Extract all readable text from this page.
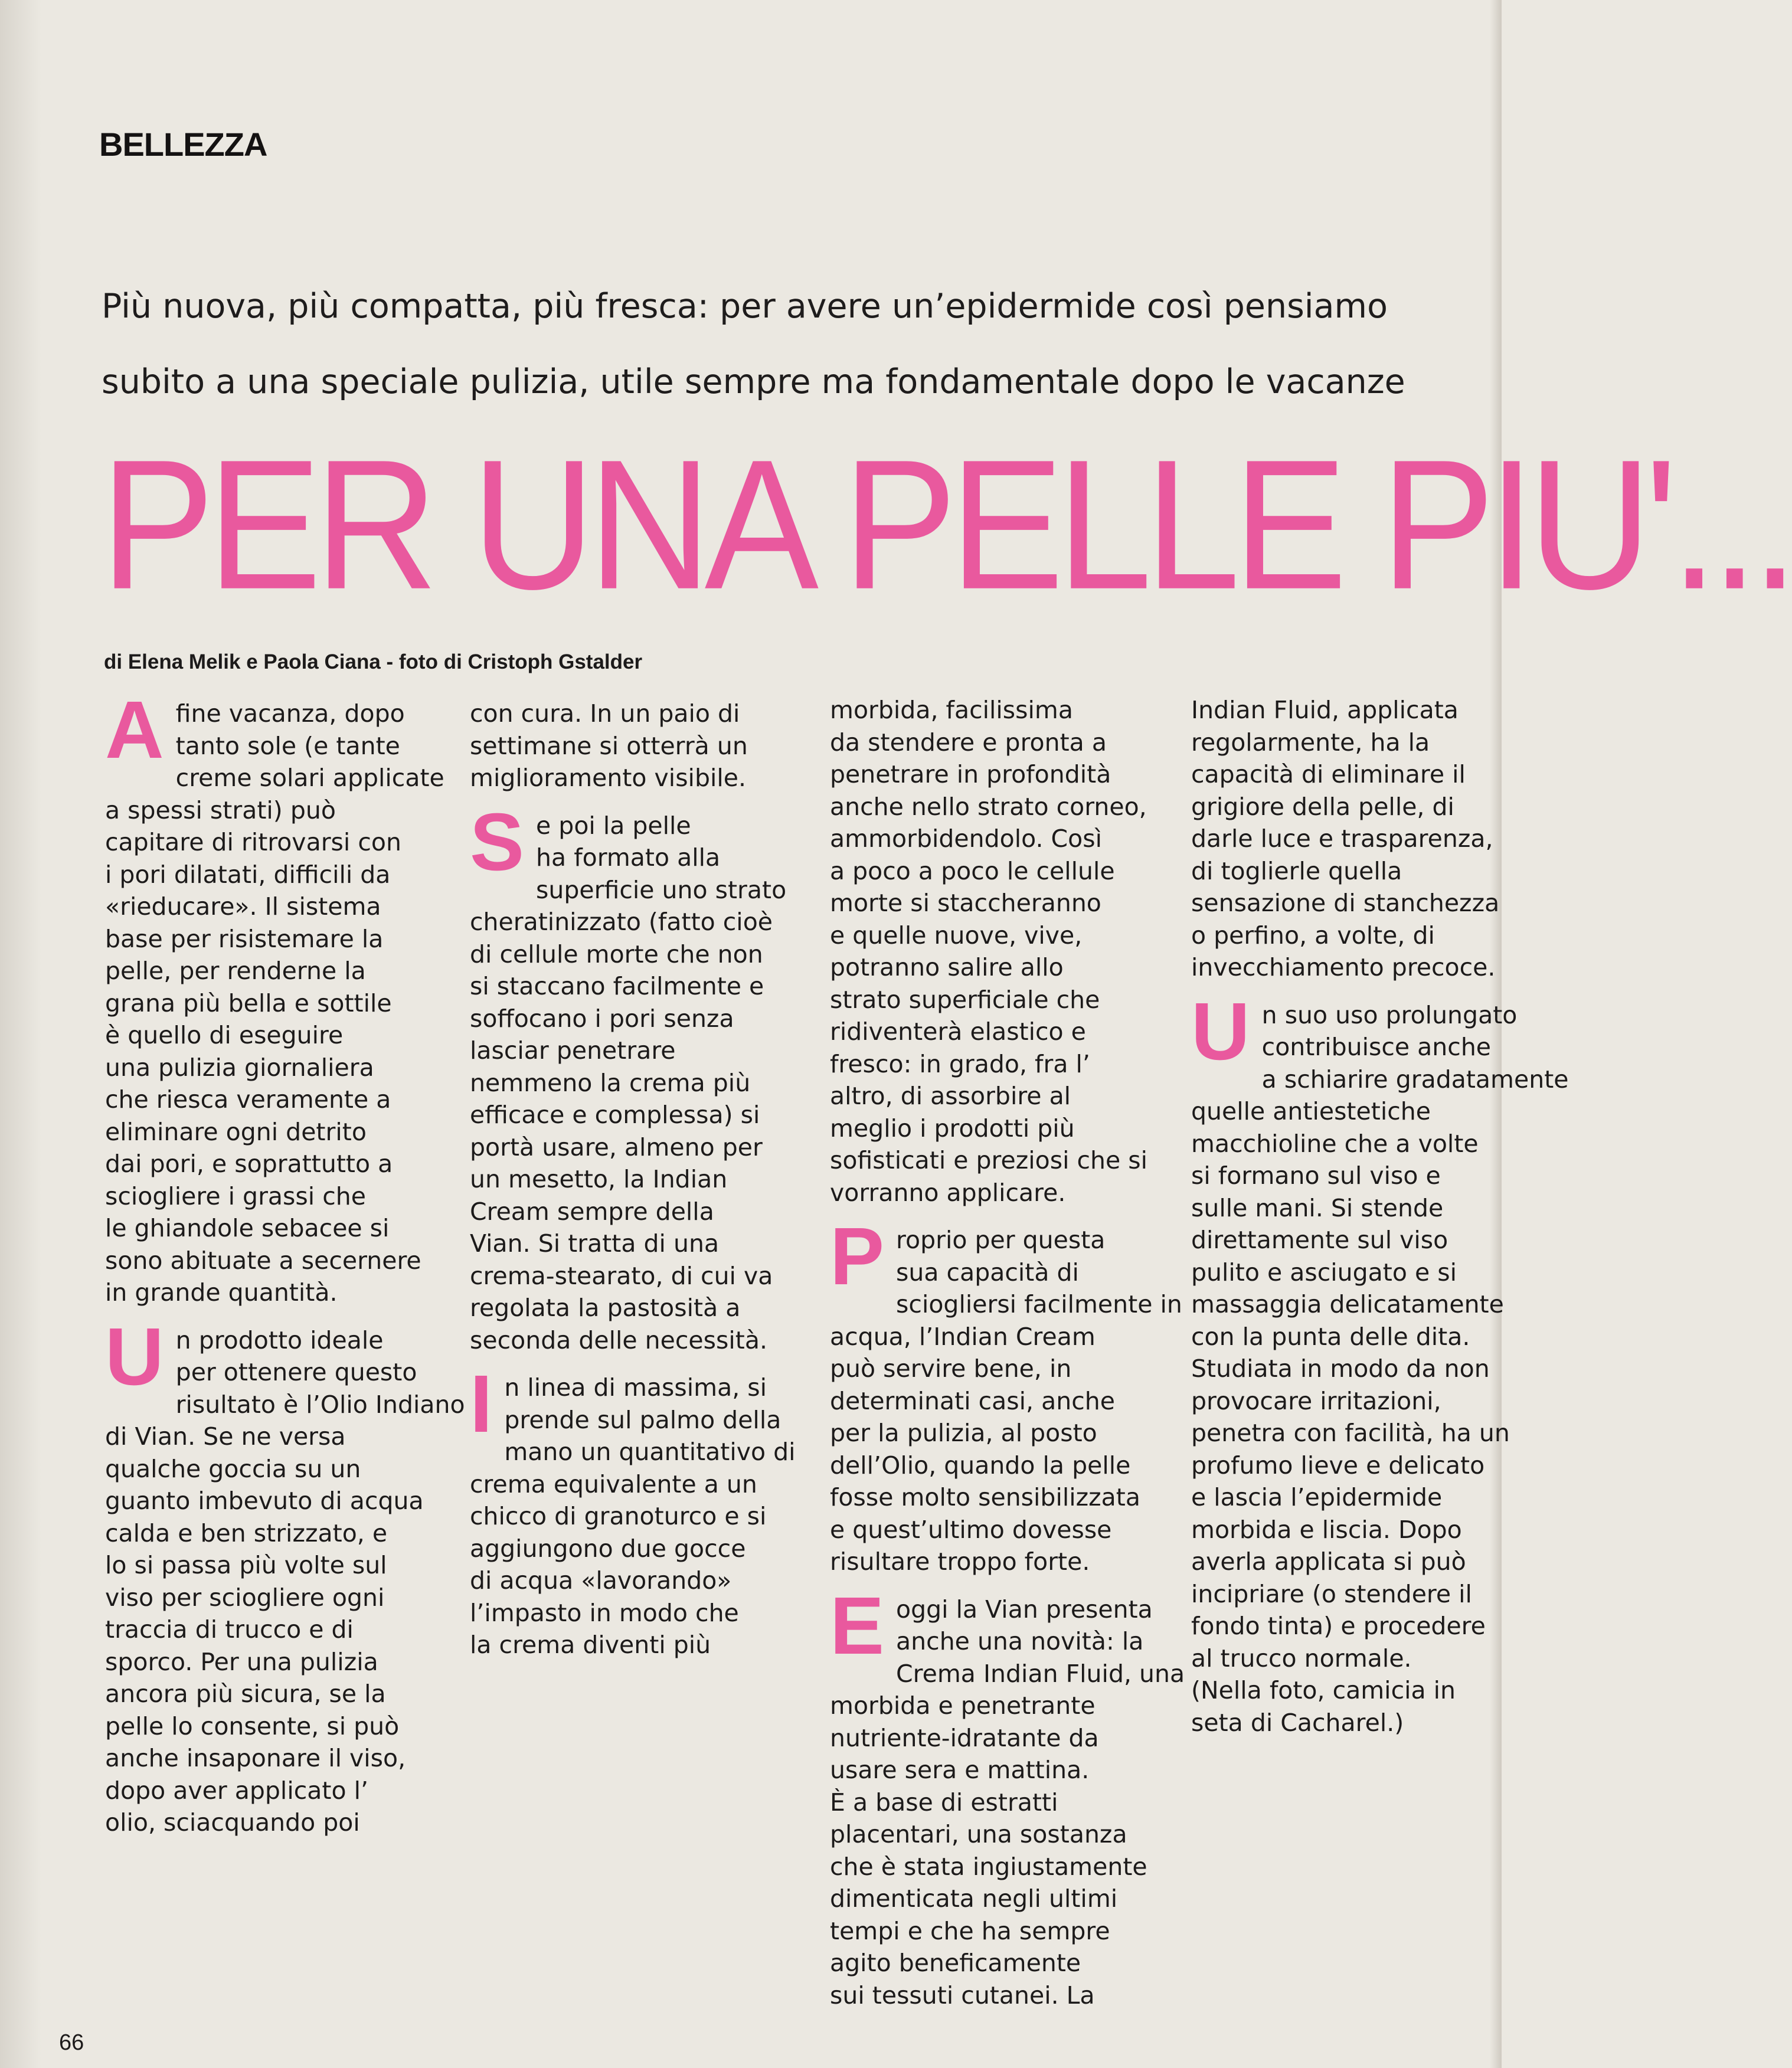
BELLEZZA
Più nuova, più compatta, più fresca: per avere un’epidermide così pensiamo
subito a una speciale pulizia, utile sempre ma fondamentale dopo le vacanze
PER UNA PELLE PIU'...
di Elena Melik e Paola Ciana - foto di Cristoph Gstalder
A fine vacanza, dopo
tanto sole (e tante
creme solari applicate
a spessi strati) può
capitare di ritrovarsi con
i pori dilatati, difficili da
«rieducare». Il sistema
base per risistemare la
pelle, per renderne la
grana più bella e sottile
è quello di eseguire
una pulizia giornaliera
che riesca veramente a
eliminare ogni detrito
dai pori, e soprattutto a
sciogliere i grassi che
le ghiandole sebacee si
sono abituate a secernere
in grande quantità.
U n prodotto ideale
per ottenere questo
risultato è l’Olio Indiano
di Vian. Se ne versa
qualche goccia su un
guanto imbevuto di acqua
calda e ben strizzato, e
lo si passa più volte sul
viso per sciogliere ogni
traccia di trucco e di
sporco. Per una pulizia
ancora più sicura, se la
pelle lo consente, si può
anche insaponare il viso,
dopo aver applicato l’
olio, sciacquando poi
con cura. In un paio di
settimane si otterrà un
miglioramento visibile.
S e poi la pelle
ha formato alla
superficie uno strato
cheratinizzato (fatto cioè
di cellule morte che non
si staccano facilmente e
soffocano i pori senza
lasciar penetrare
nemmeno la crema più
efficace e complessa) si
portà usare, almeno per
un mesetto, la Indian
Cream sempre della
Vian. Si tratta di una
crema-stearato, di cui va
regolata la pastosità a
seconda delle necessità.
I n linea di massima, si
prende sul palmo della
mano un quantitativo di
crema equivalente a un
chicco di granoturco e si
aggiungono due gocce
di acqua «lavorando»
l’impasto in modo che
la crema diventi più
morbida, facilissima
da stendere e pronta a
penetrare in profondità
anche nello strato corneo,
ammorbidendolo. Così
a poco a poco le cellule
morte si staccheranno
e quelle nuove, vive,
potranno salire allo
strato superficiale che
ridiventerà elastico e
fresco: in grado, fra l’
altro, di assorbire al
meglio i prodotti più
sofisticati e preziosi che si
vorranno applicare.
P roprio per questa
sua capacità di
sciogliersi facilmente in
acqua, l’Indian Cream
può servire bene, in
determinati casi, anche
per la pulizia, al posto
dell’Olio, quando la pelle
fosse molto sensibilizzata
e quest’ultimo dovesse
risultare troppo forte.
E oggi la Vian presenta
anche una novità: la
Crema Indian Fluid, una
morbida e penetrante
nutriente-idratante da
usare sera e mattina.
È a base di estratti
placentari, una sostanza
che è stata ingiustamente
dimenticata negli ultimi
tempi e che ha sempre
agito beneficamente
sui tessuti cutanei. La
Indian Fluid, applicata
regolarmente, ha la
capacità di eliminare il
grigiore della pelle, di
darle luce e trasparenza,
di toglierle quella
sensazione di stanchezza
o perfino, a volte, di
invecchiamento precoce.
U n suo uso prolungato
contribuisce anche
a schiarire gradatamente
quelle antiestetiche
macchioline che a volte
si formano sul viso e
sulle mani. Si stende
direttamente sul viso
pulito e asciugato e si
massaggia delicatamente
con la punta delle dita.
Studiata in modo da non
provocare irritazioni,
penetra con facilità, ha un
profumo lieve e delicato
e lascia l’epidermide
morbida e liscia. Dopo
averla applicata si può
incipriare (o stendere il
fondo tinta) e procedere
al trucco normale.
(Nella foto, camicia in
seta di Cacharel.)
66
